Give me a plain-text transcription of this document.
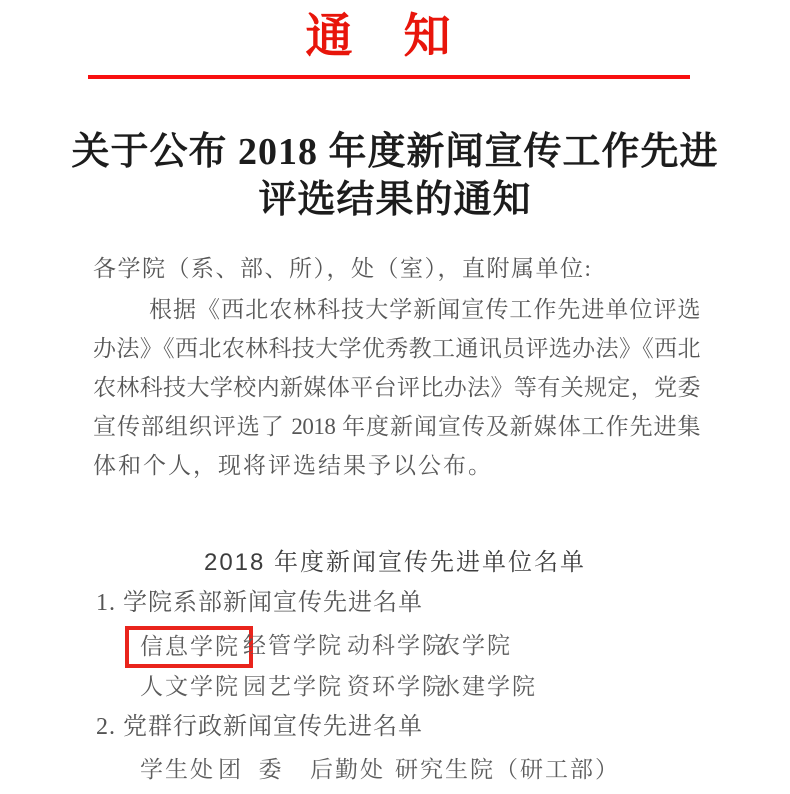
通　知
关于公布 2018 年度新闻宣传工作先进
评选结果的通知
各学院（系、部、所），处（室），直附属单位:
根据《西北农林科技大学新闻宣传工作先进单位评选
办法》《西北农林科技大学优秀教工通讯员评选办法》《西北
农林科技大学校内新媒体平台评比办法》等有关规定，党委
宣传部组织评选了 2018 年度新闻宣传及新媒体工作先进集
体和个人，现将评选结果予以公布。
2018 年度新闻宣传先进单位名单
1. 学院系部新闻宣传先进名单
信息学院 经管学院 动科学院
农学院
人文学院 园艺学院 资环学院
水建学院
2. 党群行政新闻宣传先进名单
学生处 团  委 后勤处 研究生院（研工部）
